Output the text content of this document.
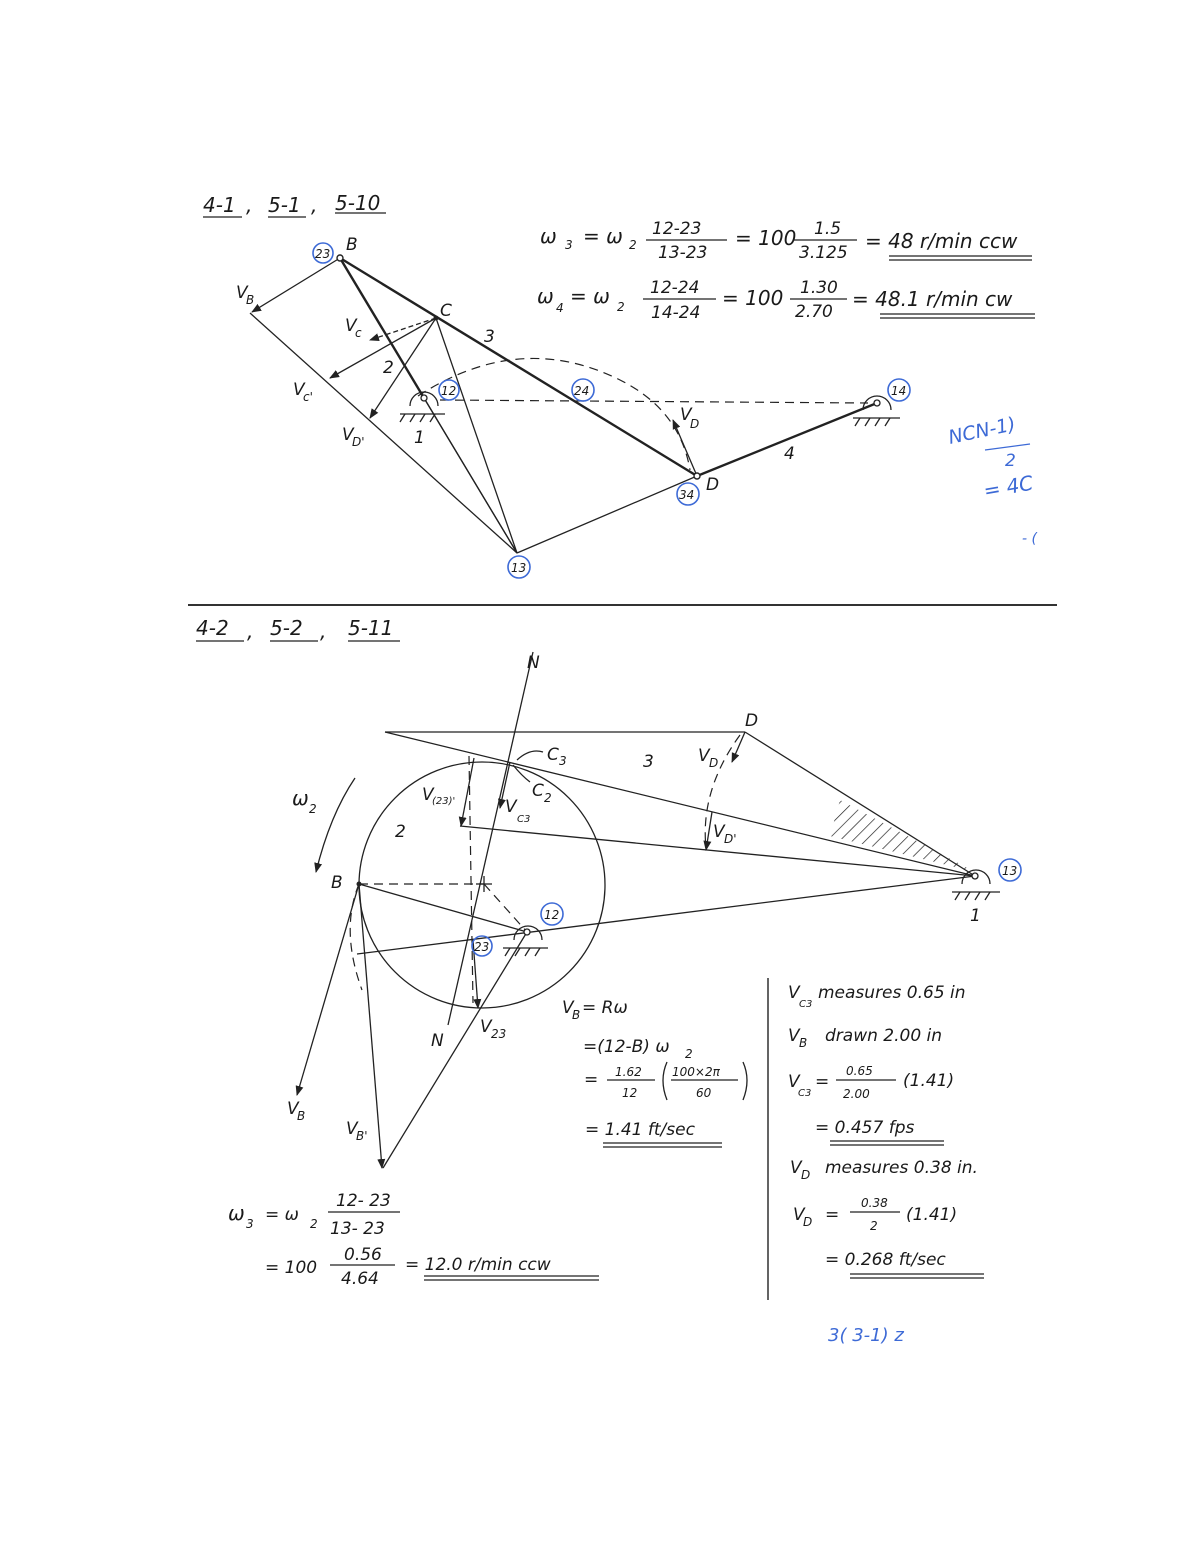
4-1 , 5-1 , 5-10
23
12	24	14
34
13
B
C
D
2
3
4
1
V
B
V
c
V
c'
V
D'
V
D
ω 3 = ω 2
12-23
13-23
= 100 1.5
3.125 = 48 r/min ccw
ω 4 = ω 2
12-24
14-24
= 100 1.30
2.70
= 48.1 r/min cw
NCN-1)
2
= 4C
- (
4-2 , 5-2 , 5-11
13
12
23
N
N
D
B
3
2
1
C 3
C 2
ω 2
V
(23)'	V
C3
V D
V D'
V 23
V
B
V
B'
V
B = Rω
=(12-B) ω 2
= 1.62
12
100×2π
60
= 1.41 ft/sec
V
C3
measures 0.65 in
V B drawn 2.00 in
V
C3
=
0.65
2.00
(1.41)
= 0.457 fps
V D measures 0.38 in.
V
D =
0.38
2
(1.41)
= 0.268 ft/sec
ω 3 = ω 2
12- 23
13- 23
= 100
0.56
4.64
= 12.0 r/min ccw
3( 3-1) z
